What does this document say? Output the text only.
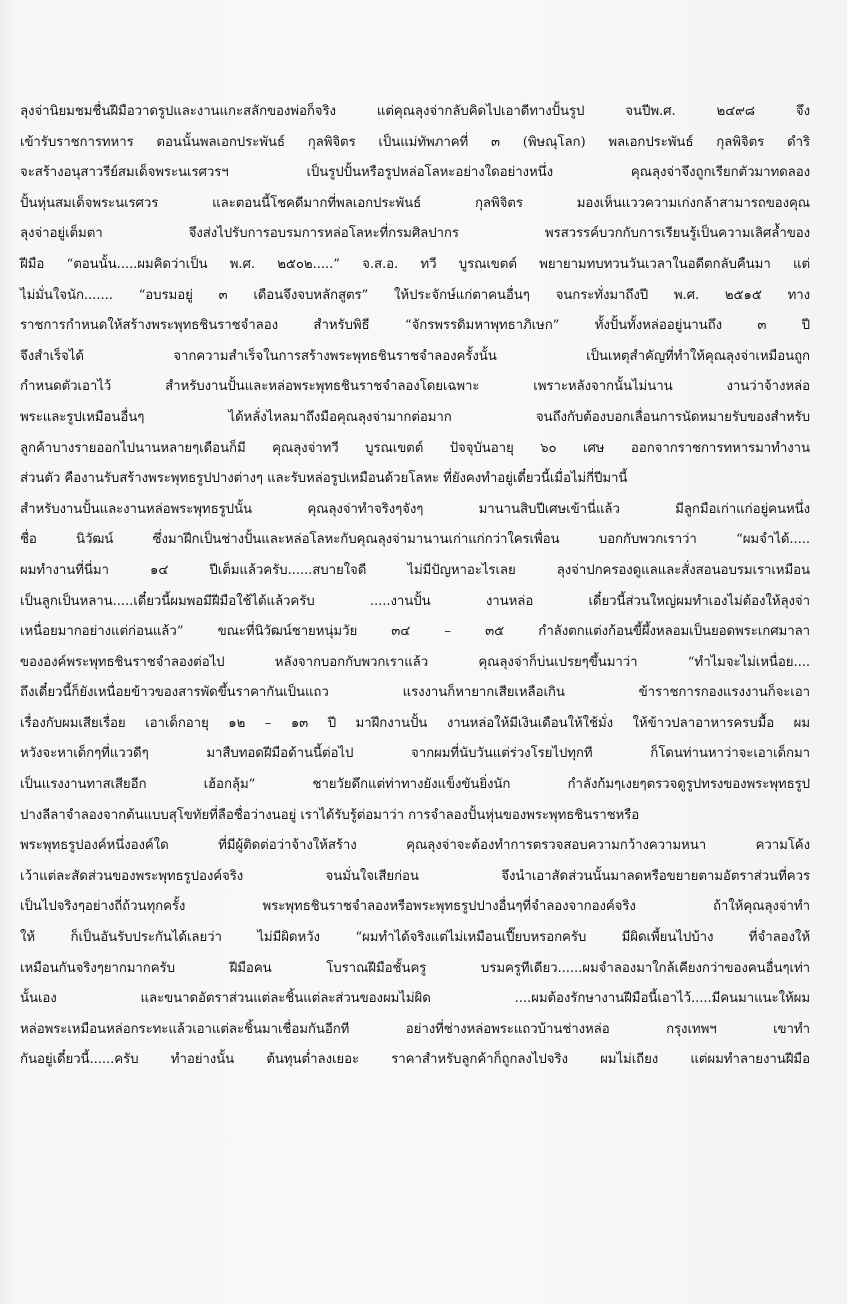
ลุงจ่านิยมชมชื่นฝีมือวาดรูปและงานแกะสลักของพ่อก็จริง แต่คุณลุงจ่ากลับคิดไปเอาดีทางปั้นรูป จนปีพ.ศ. ๒๔๙๘ จึง
เข้ารับราชการทหาร ตอนนั้นพลเอกประพันธ์ กุลพิจิตร เป็นแม่ทัพภาคที่ ๓ (พิษณุโลก) พลเอกประพันธ์ กุลพิจิตร ดำริ
จะสร้างอนุสาวรีย์สมเด็จพระนเรศวรฯ เป็นรูปปั้นหรือรูปหล่อโลหะอย่างใดอย่างหนึ่ง คุณลุงจ่าจึงถูกเรียกตัวมาทดลอง
ปั้นหุ่นสมเด็จพระนเรศวร และตอนนี้โชคดีมากที่พลเอกประพันธ์ กุลพิจิตร มองเห็นแววความเก่งกล้าสามารถของคุณ
ลุงจ่าอยู่เต็มตา จึงส่งไปรับการอบรมการหล่อโลหะที่กรมศิลปากร พรสวรรค์บวกกับการเรียนรู้เป็นความเลิศล้ำของ
ฝีมือ “ตอนนั้น.....ผมคิดว่าเป็น พ.ศ. ๒๕๐๒.....” จ.ส.อ. ทวี บูรณเขตต์ พยายามทบทวนวันเวลาในอดีตกลับคืนมา แต่
ไม่มั่นใจนัก....... “อบรมอยู่ ๓ เดือนจึงจบหลักสูตร” ให้ประจักษ์แก่ตาคนอื่นๆ จนกระทั่งมาถึงปี พ.ศ. ๒๕๑๕ ทาง
ราชการกำหนดให้สร้างพระพุทธชินราชจำลอง สำหรับพิธี “จักรพรรดิมหาพุทธาภิเษก” ทั้งปั้นทั้งหล่ออยู่นานถึง ๓ ปี
จึงสำเร็จได้ จากความสำเร็จในการสร้างพระพุทธชินราชจำลองครั้งนั้น เป็นเหตุสำคัญที่ทำให้คุณลุงจ่าเหมือนถูก
กำหนดตัวเอาไว้ สำหรับงานปั้นและหล่อพระพุทธชินราชจำลองโดยเฉพาะ เพราะหลังจากนั้นไม่นาน งานว่าจ้างหล่อ
พระและรูปเหมือนอื่นๆ ได้หลั่งไหลมาถึงมือคุณลุงจ่ามากต่อมาก จนถึงกับต้องบอกเลื่อนการนัดหมายรับของสำหรับ
ลูกค้าบางรายออกไปนานหลายๆเดือนก็มี คุณลุงจ่าทวี บูรณเขตต์ ปัจจุบันอายุ ๖๐ เศษ ออกจากราชการทหารมาทำงาน
ส่วนตัว คืองานรับสร้างพระพุทธรูปปางต่างๆ และรับหล่อรูปเหมือนด้วยโลหะ ที่ยังคงทำอยู่เดี๋ยวนี้เมื่อไม่กี่ปีมานี้
สำหรับงานปั้นและงานหล่อพระพุทธรูปนั้น คุณลุงจ่าทำจริงๆจังๆ มานานสิบปีเศษเข้านี่แล้ว มีลูกมือเก่าแก่อยู่คนหนึ่ง
ชื่อ นิวัฒน์ ซึ่งมาฝึกเป็นช่างปั้นและหล่อโลหะกับคุณลุงจ่ามานานเก่าแก่กว่าใครเพื่อน บอกกับพวกเราว่า “ผมจำได้.....
ผมทำงานที่นี่มา ๑๔ ปีเต็มแล้วครับ......สบายใจดี ไม่มีปัญหาอะไรเลย ลุงจ่าปกครองดูแลและสั่งสอนอบรมเราเหมือน
เป็นลูกเป็นหลาน.....เดี๋ยวนี้ผมพอมีฝีมือใช้ได้แล้วครับ .....งานปั้น งานหล่อ เดี๋ยวนี้ส่วนใหญ่ผมทำเองไม่ต้องให้ลุงจ่า
เหนื่อยมากอย่างแต่ก่อนแล้ว” ขณะที่นิวัฒน์ชายหนุ่มวัย ๓๔ – ๓๕ กำลังตกแต่งก้อนขี้ผึ้งหลอมเป็นยอดพระเกศมาลา
ขององค์พระพุทธชินราชจำลองต่อไป หลังจากบอกกับพวกเราแล้ว คุณลุงจ่าก็บ่นเปรยๆขึ้นมาว่า “ทำไมจะไม่เหนื่อย....
ถึงเดี๋ยวนี้ก็ยังเหนื่อยข้าวของสารพัดขึ้นราคากันเป็นแถว แรงงานก็หายากเสียเหลือเกิน ข้าราชการกองแรงงานก็จะเอา
เรื่องกับผมเสียเรื่อย เอาเด็กอายุ ๑๒ – ๑๓ ปี มาฝึกงานปั้น งานหล่อให้มีเงินเดือนให้ใช้มั่ง ให้ข้าวปลาอาหารครบมื้อ ผม
หวังจะหาเด็กๆที่แววดีๆ มาสืบทอดฝีมือด้านนี้ต่อไป จากผมที่นับวันแต่ร่วงโรยไปทุกที ก็โดนท่านหาว่าจะเอาเด็กมา
เป็นแรงงานทาสเสียอีก เฮ้อกลุ้ม” ชายวัยดึกแต่ท่าทางยังแข็งขันยิ่งนัก กำลังก้มๆเงยๆตรวจดูรูปทรงของพระพุทธรูป
ปางลีลาจำลองจากต้นแบบสุโขทัยที่ลือชื่อว่างนอยู่ เราได้รับรู้ต่อมาว่า การจำลองปั้นหุ่นของพระพุทธชินราชหรือ
พระพุทธรูปองค์หนึ่งองค์ใด ที่มีผู้ติดต่อว่าจ้างให้สร้าง คุณลุงจ่าจะต้องทำการตรวจสอบความกว้างความหนา ความโค้ง
เว้าแต่ละสัดส่วนของพระพุทธรูปองค์จริง จนมั่นใจเสียก่อน จึงนำเอาสัดส่วนนั้นมาลดหรือขยายตามอัตราส่วนที่ควร
เป็นไปจริงๆอย่างถี่ถ้วนทุกครั้ง พระพุทธชินราชจำลองหรือพระพุทธรูปปางอื่นๆที่จำลองจากองค์จริง ถ้าให้คุณลุงจ่าทำ
ให้ ก็เป็นอันรับประกันได้เลยว่า ไม่มีผิดหวัง “ผมทำได้จริงแต่ไม่เหมือนเปี๊ยบหรอกครับ มีผิดเพี้ยนไปบ้าง ที่จำลองให้
เหมือนกันจริงๆยากมากครับ ฝีมือคน โบราณฝีมือชั้นครู บรมครูทีเดียว......ผมจำลองมาใกล้เคียงกว่าของคนอื่นๆเท่า
นั้นเอง และขนาดอัตราส่วนแต่ละชิ้นแต่ละส่วนของผมไม่ผิด ....ผมต้องรักษางานฝีมือนี้เอาไว้.....มีคนมาแนะให้ผม
หล่อพระเหมือนหล่อกระทะแล้วเอาแต่ละชิ้นมาเชื่อมกันอีกที อย่างที่ช่างหล่อพระแถวบ้านช่างหล่อ กรุงเทพฯ เขาทำ
กันอยู่เดี๋ยวนี้......ครับ ทำอย่างนั้น ต้นทุนต่ำลงเยอะ ราคาสำหรับลูกค้าก็ถูกลงไปจริง ผมไม่เถียง แต่ผมทำลายงานฝีมือ
